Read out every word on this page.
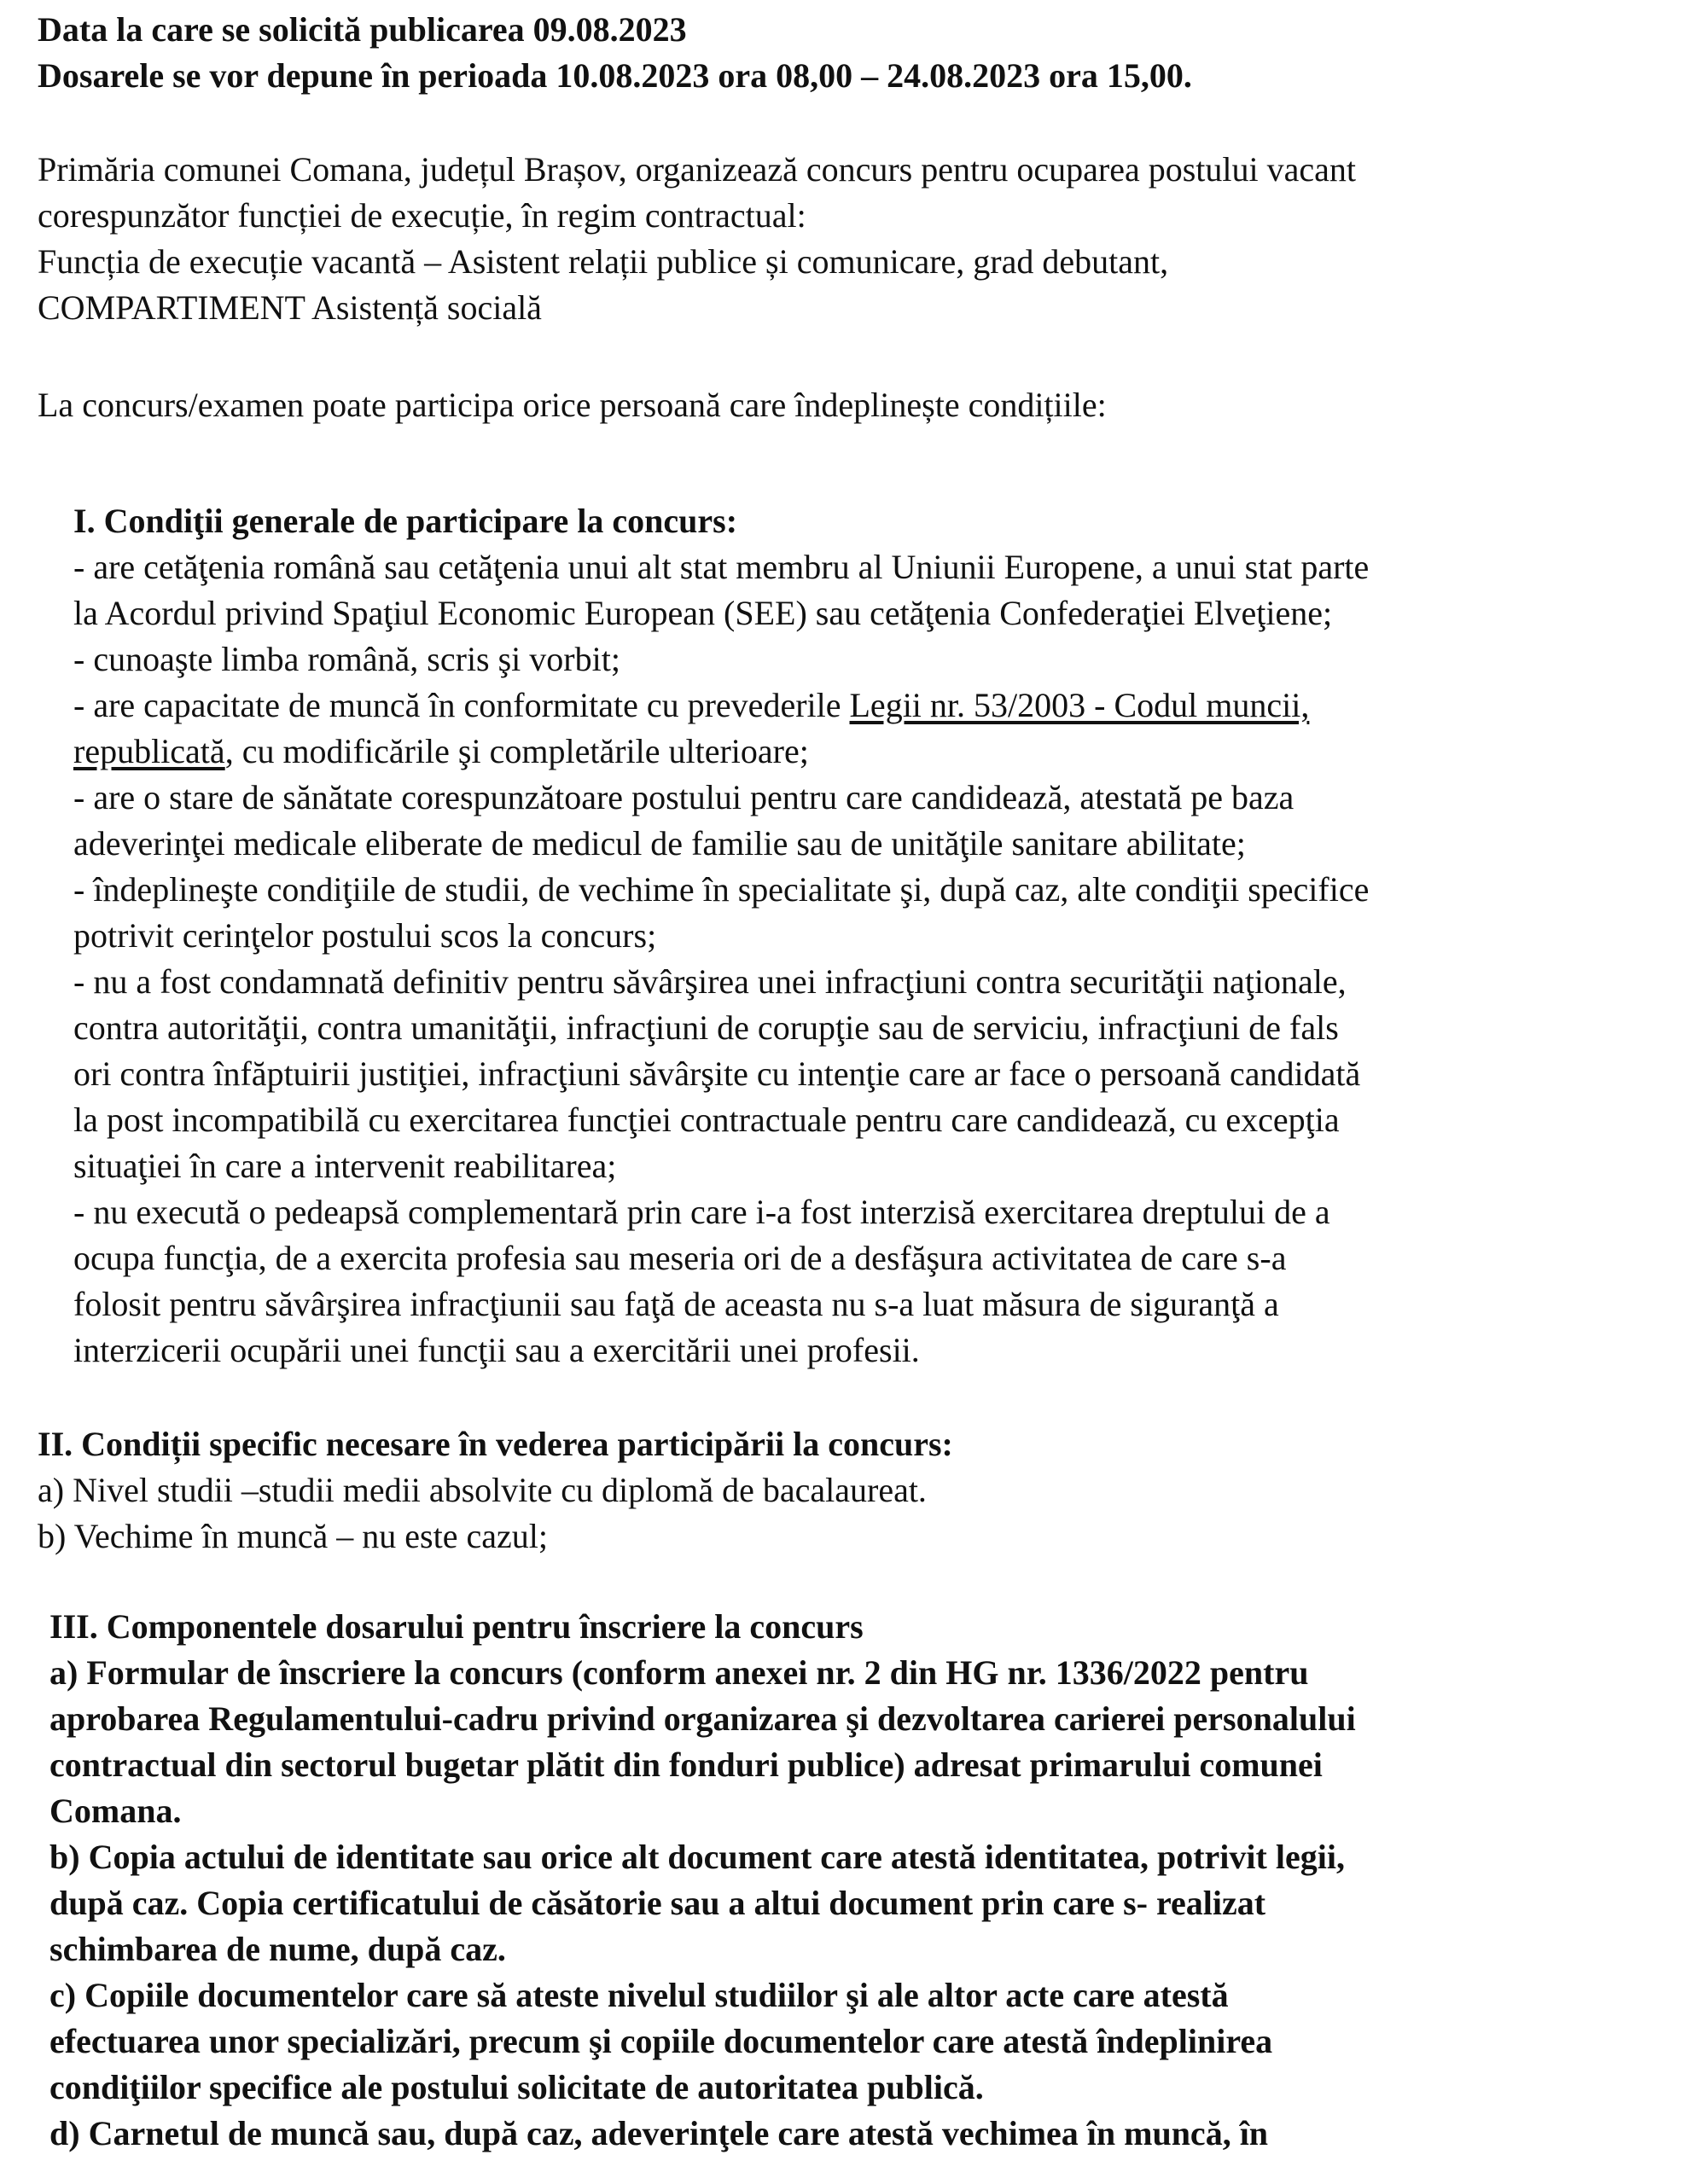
Data la care se solicită publicarea 09.08.2023
Dosarele se vor depune în perioada 10.08.2023 ora 08,00 – 24.08.2023 ora 15,00.
Primăria comunei Comana, județul Brașov, organizează concurs pentru ocuparea postului vacant
corespunzător funcției de execuție, în regim contractual:
Funcția de execuție vacantă – Asistent relații publice și comunicare, grad debutant,
COMPARTIMENT Asistență socială
La concurs/examen poate participa orice persoană care îndeplinește condițiile:
I. Condiţii generale de participare la concurs:
- are cetăţenia română sau cetăţenia unui alt stat membru al Uniunii Europene, a unui stat parte
la Acordul privind Spaţiul Economic European (SEE) sau cetăţenia Confederaţiei Elveţiene;
- cunoaşte limba română, scris şi vorbit;
- are capacitate de muncă în conformitate cu prevederile Legii nr. 53/2003 - Codul muncii,
republicată, cu modificările şi completările ulterioare;
- are o stare de sănătate corespunzătoare postului pentru care candidează, atestată pe baza
adeverinţei medicale eliberate de medicul de familie sau de unităţile sanitare abilitate;
- îndeplineşte condiţiile de studii, de vechime în specialitate şi, după caz, alte condiţii specifice
potrivit cerinţelor postului scos la concurs;
- nu a fost condamnată definitiv pentru săvârşirea unei infracţiuni contra securităţii naţionale,
contra autorităţii, contra umanităţii, infracţiuni de corupţie sau de serviciu, infracţiuni de fals
ori contra înfăptuirii justiţiei, infracţiuni săvârşite cu intenţie care ar face o persoană candidată
la post incompatibilă cu exercitarea funcţiei contractuale pentru care candidează, cu excepţia
situaţiei în care a intervenit reabilitarea;
- nu execută o pedeapsă complementară prin care i-a fost interzisă exercitarea dreptului de a
ocupa funcţia, de a exercita profesia sau meseria ori de a desfăşura activitatea de care s-a
folosit pentru săvârşirea infracţiunii sau faţă de aceasta nu s-a luat măsura de siguranţă a
interzicerii ocupării unei funcţii sau a exercitării unei profesii.
II. Condiții specific necesare în vederea participării la concurs:
a) Nivel studii –studii medii absolvite cu diplomă de bacalaureat.
b) Vechime în muncă – nu este cazul;
III. Componentele dosarului pentru înscriere la concurs
a) Formular de înscriere la concurs (conform anexei nr. 2 din HG nr. 1336/2022 pentru
aprobarea Regulamentului-cadru privind organizarea şi dezvoltarea carierei personalului
contractual din sectorul bugetar plătit din fonduri publice) adresat primarului comunei
Comana.
b) Copia actului de identitate sau orice alt document care atestă identitatea, potrivit legii,
după caz. Copia certificatului de căsătorie sau a altui document prin care s- realizat
schimbarea de nume, după caz.
c) Copiile documentelor care să ateste nivelul studiilor şi ale altor acte care atestă
efectuarea unor specializări, precum şi copiile documentelor care atestă îndeplinirea
condiţiilor specifice ale postului solicitate de autoritatea publică.
d) Carnetul de muncă sau, după caz, adeverinţele care atestă vechimea în muncă, în
